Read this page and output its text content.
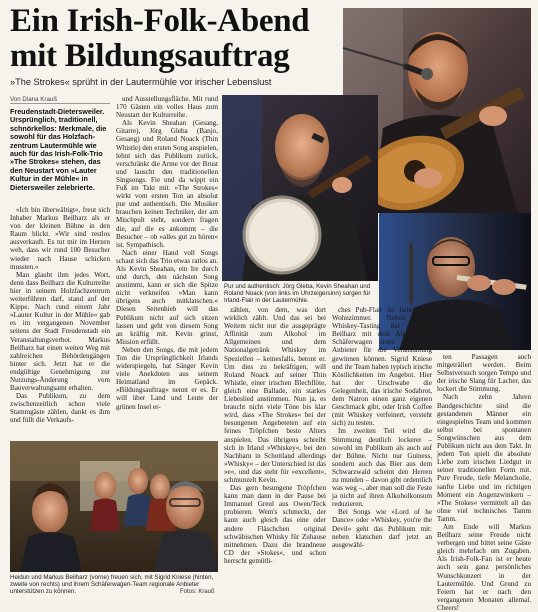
Ein Irish-Folk-Abend
mit Bildungsauftrag
»The Strokes« sprüht in der Lautermühle vor irischer Lebenslust
Von Diana Krauß
Freudenstadt-Dietersweiler. Ursprünglich, traditionell, schnörkellos: Merkmale, die sowohl für das Holzfach-zentrum Lautermühle wie auch für das Irish-Folk-Trio »The Strokes« stehen, das den Neustart von »Lauter Kultur in der Mühle« in Dietersweiler zelebrierte.

»Ich bin überwältigt«, freut sich Inhaber Markus Beilharz als er von der kleinen Bühne in den Raum blickt. »Wir sind restlos ausverkauft. Es tut mir im Herzen weh, dass wir rund 100 Besucher wieder nach Hause schicken mussten.«

Man glaubt ihm jedes Wort, denn dass Beilharz die Kulturreihe hier in seinem Holzfachzentrum weiterführen darf, stand auf der Kippe. Nach rund einem Jahr »Lauter Kultur in der Mühle« gab es im vergangenen November seitens der Stadt Freudenstadt ein Veranstaltungsverbot. Markus Beilharz hat einen weiten Weg mit zahlreichen Behördengängen hinter sich. Jetzt hat er die endgültige Genehmigung zur Nutzungs-Änderung vom Bauverwaltungsamt erhalten.

Das Publikum, zu dem zwischenzeitlich schon viele Stammgäste zählen, dankt es ihm und füllt die Verkaufs-

und Ausstellungsfläche. Mit rund 170 Gästen ein volles Haus zum Neustart der Kulturreihe.

Als Kevin Sheahan (Gesang, Gitarre), Jörg Gleba (Banjo, Gesang) und Roland Noack (Thin Whistle) den ersten Song anspielen, lehnt sich das Publikum zurück, verschränkt die Arme vor der Brust und lauscht den traditionellen Singsongs. Fie und da wippt ein Fuß im Takt mit. »The Strokes« wirkt vom ersten Ton an absolut pur und authentisch. Die Musiker brauchen keinen Techniker, der am Mischpult steht, sondern fragen die, auf die es ankommt – die Besucher – ob »alles gut zu hören« ist. Sympathisch.

Nach einer Hand voll Songs schaut sich das Trio etwas ratlos an. Als Kevin Sheahan, ein Ire durch und durch, den nächsten Song anstimmt, kann er sich die Spitze nicht verkneifen »Man kann übrigens auch mitklatschen.« Diesen Seitenhieb will das Publikum nicht auf sich sitzen lassen und geht von diesem Song an kräftig mit. Kevin grinst, Mission erfüllt.

Neben den Songs, die mit jedem Ton die Ursprünglichkeit Irlands widerspiegeln, hat Sänger Kevin viele Anekdoten aus seinem Heimatland im Gepäck. »Bildungsauftrag« nennt er es. Er will über Land und Leute der grünen Insel er-

Pur und authentisch: Jörg Gleba, Kevin Sheahan und Roland Noack (von links im Uhrzeigersinn) sorgen für Irland-Flair in der Lautermühle.

zählen, von dem, was dort wirklich zählt. Und das sei bei Weitem nicht nur die ausgeprägte Affinität zum Alkohol im Allgemeinen und dem Nationalgetränk Whiskey im Speziellen – keinesfalls, betont er. Um dies zu bekräftigen, will Roland Noack auf seiner Thin Whistle, einer irischen Blechflöte, gleich eine Ballade, ein starkes Liebeslied anstimmen. Nun ja, es braucht nicht viele Töne bis klar wird, dass »The Strokes« bei der besungenen Angebeteten auf ein feines Tröpfchen beste Alters anspielen. Das übrigens schreibt sich in Irland »Whiskey«, bei den Nachbarn in Schottland allerdings »Whisky« – der Unterschied ist das »e«, und das steht für »excellent«, schmunzelt Kevin.

Das gern besungene Tröpfchen kann man dann in der Pause bei Immanuel Greul aus Owen/Teck probieren. Wem's schmeckt, der kann auch gleich das eine oder andere Fläschchen original schwäbischen Whisky für Zuhause mitnehmen. Dazu die brandneue CD der »Stokes«, und schon herrscht gemütli-

ches Pub-Flair im heimischen Wohnzimmer. Neben dem Whiskey-Tasting hat Markus Beilharz mit dem Alpirsbacher Schäferwagen einen regionalen Anbieter für die Veranstaltung gewinnen können. Sigrid Kniese und ihr Team haben typisch irische Köstlichkeiten im Angebot. Hier hat der Urschwabe die Gelegenheit, das irische Sodabrot, dem Natron einen ganz eigenen Geschmack gibt, oder Irish Coffee (mit Whiskey verfeinert, versteht sich) zu testen.

Im zweiten Teil wird die Stimmung deutlich lockerer – sowohl im Publikum als auch auf der Bühne. Nicht nur Guiness, sondern auch das Bier aus dem Schwarzwald scheint den Herren zu munden – davon gibt ordentlich was weg –, aber man soll die Feste ja nicht auf ihren Alkoholkonsum reduzieren.

Bei Songs wie »Lord of he Dance« oder »Whiskey, you're the Devil« geht das Publikum mit: neben klatschen darf jetzt an ausgewähl-

ten Passagen auch mitgeträllert werden. Beim Selbstversuch sorgen Tempo und der irische Slang für Lacher, das lockert die Stimmung.

Nach zehn Jahren Bandgeschichte sind die gestandenen Männer ein eingespieltes Team und kommen selbst bei spontanen Songwünschen aus dem Publikum nicht aus dem Takt. In jedem Ton spielt die absolute Liebe zum irischen Liedgut in seiner traditionellen Form mit. Pure Freude, tiefe Melancholie, sanfte Liebe und im richtigen Moment ein Augenzwinkern – »The Stokes« vermittelt all das ohne viel technisches Tamm Tamm.

Am Ende will Markus Beilharz seine Freude nicht verbergen und bittet seine Gäste gleich mehrfach um Zugaben. Als Irish-Folk-Fan ist er heute auch sein ganz persönliches Wunschkonzert in der Lautermühle. Und Grund zu Feiern hat er nach den vergangenen Monaten allemal. Cheers!

Heidun und Markus Beilharz (vorne) freuen sich, mit Sigrid Kniese (hinten, zweite von rechts) und ihrem Schäferwagen-Team regionale Anbieter unterstützen zu können.	Fotos: Krauß
